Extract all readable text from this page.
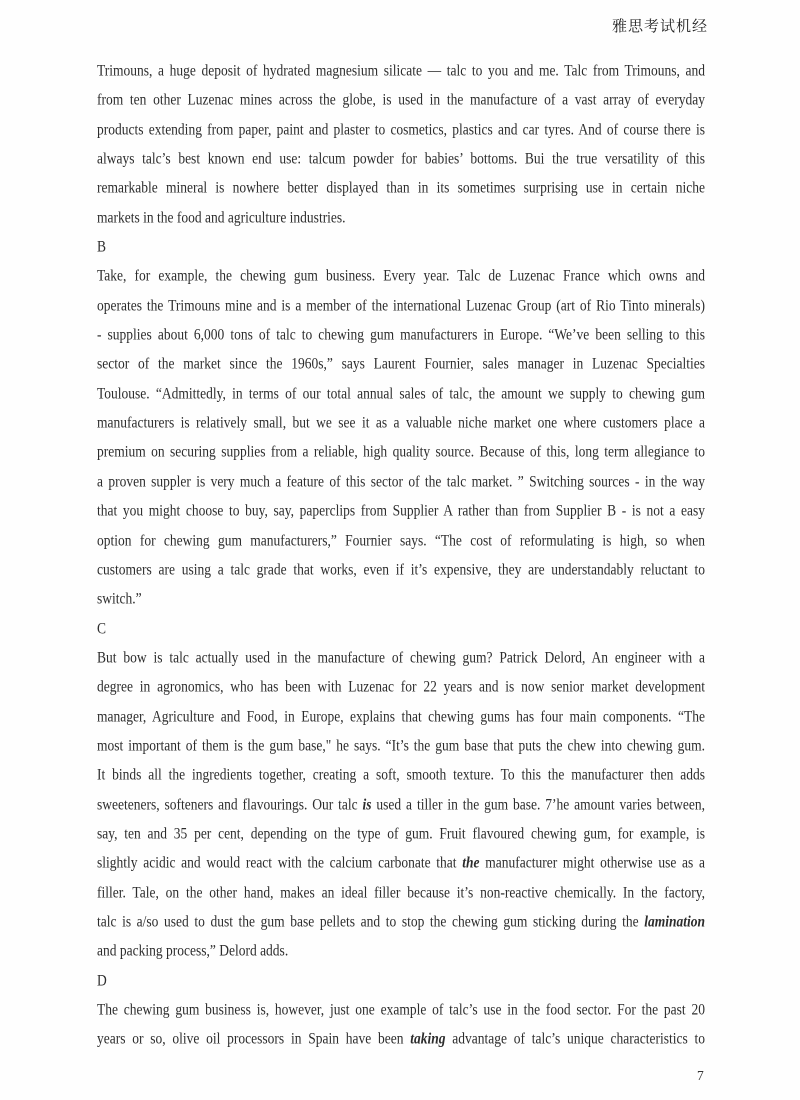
雅思考试机经
Trimouns, a huge deposit of hydrated magnesium silicate — talc to you and me. Talc from Trimouns, and
from ten other Luzenac mines across the globe, is used in the manufacture of a vast array of everyday
products extending from paper, paint and plaster to cosmetics, plastics and car tyres. And of course there is
always talc’s best known end use: talcum powder for babies’ bottoms. Bui the true versatility of this
remarkable mineral is nowhere better displayed than in its sometimes surprising use in certain niche
markets in the food and agriculture industries.
B
Take, for example, the chewing gum business. Every year. Talc de Luzenac France which owns and
operates the Trimouns mine and is a member of the international Luzenac Group (art of Rio Tinto minerals)
- supplies about 6,000 tons of talc to chewing gum manufacturers in Europe. “We’ve been selling to this
sector of the market since the 1960s,” says Laurent Fournier, sales manager in Luzenac Specialties
Toulouse. “Admittedly, in terms of our total annual sales of talc, the amount we supply to chewing gum
manufacturers is relatively small, but we see it as a valuable niche market one where customers place a
premium on securing supplies from a reliable, high quality source. Because of this, long term allegiance to
a proven suppler is very much a feature of this sector of the talc market. ” Switching sources - in the way
that you might choose to buy, say, paperclips from Supplier A rather than from Supplier B - is not a easy
option for chewing gum manufacturers,” Fournier says. “The cost of reformulating is high, so when
customers are using a talc grade that works, even if it’s expensive, they are understandably reluctant to
switch.”
C
But bow is talc actually used in the manufacture of chewing gum? Patrick Delord, An engineer with a
degree in agronomics, who has been with Luzenac for 22 years and is now senior market development
manager, Agriculture and Food, in Europe, explains that chewing gums has four main components. “The
most important of them is the gum base," he says. “It’s the gum base that puts the chew into chewing gum.
It binds all the ingredients together, creating a soft, smooth texture. To this the manufacturer then adds
sweeteners, softeners and flavourings. Our talc is used a tiller in the gum base. 7’he amount varies between,
say, ten and 35 per cent, depending on the type of gum. Fruit flavoured chewing gum, for example, is
slightly acidic and would react with the calcium carbonate that the manufacturer might otherwise use as a
filler. Tale, on the other hand, makes an ideal filler because it’s non-reactive chemically. In the factory,
talc is a/so used to dust the gum base pellets and to stop the chewing gum sticking during the lamination
and packing process,” Delord adds.
D
The chewing gum business is, however, just one example of talc’s use in the food sector. For the past 20
years or so, olive oil processors in Spain have been taking advantage of talc’s unique characteristics to
7
